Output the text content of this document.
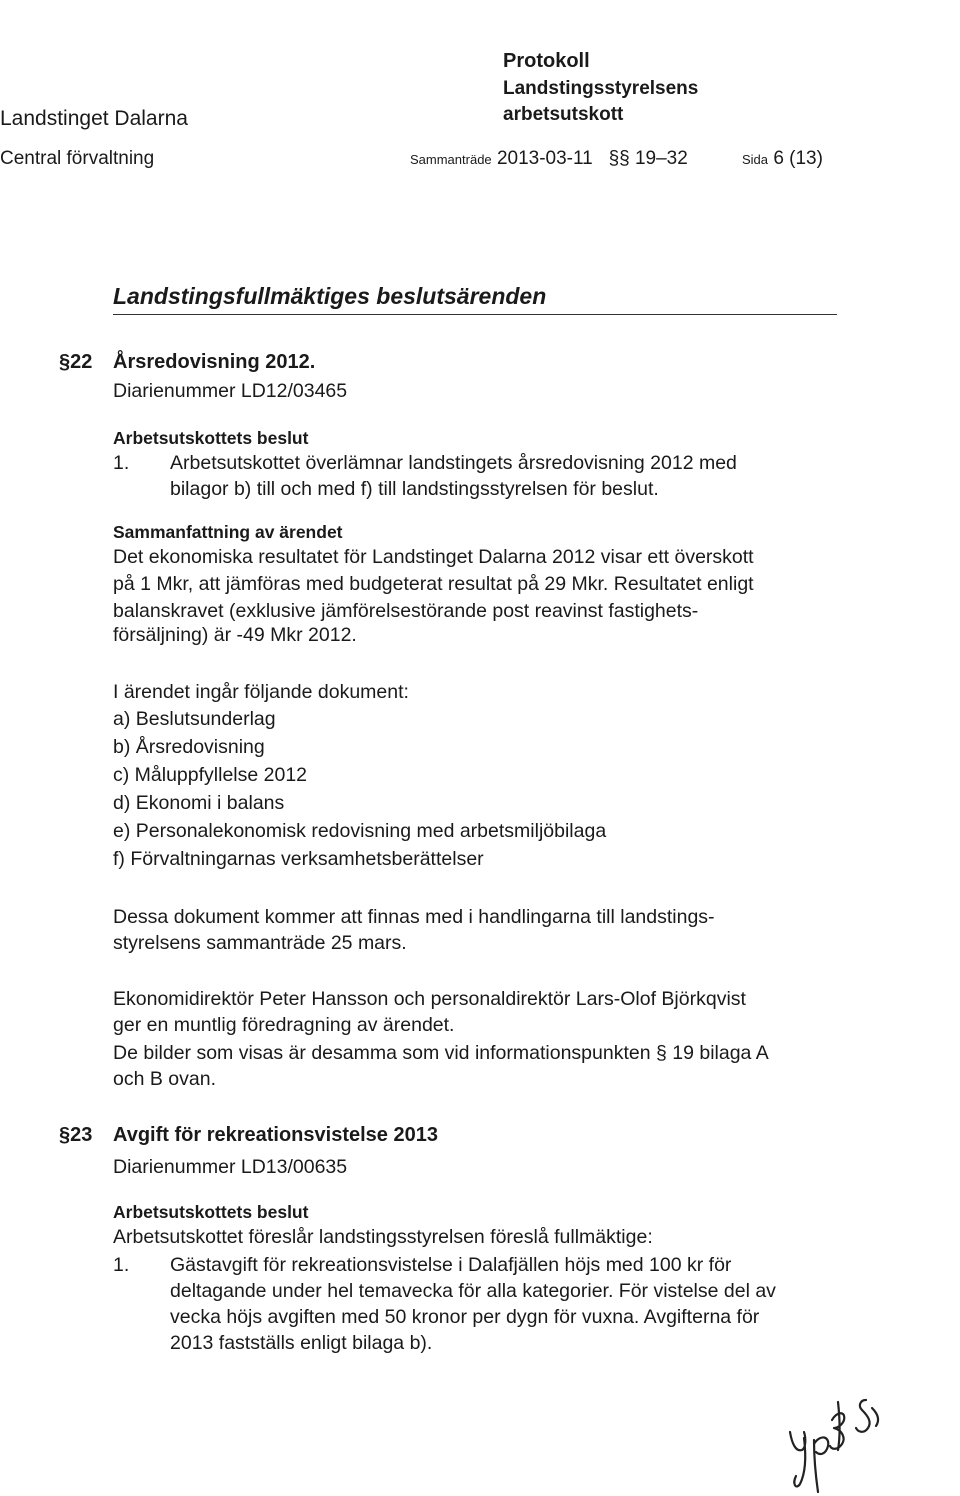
Landstinget Dalarna
Central förvaltning
Protokoll
Landstingsstyrelsens
arbetsutskott
Sammanträde 2013-03-11 §§ 19–32	Sida 6 (13)
Landstingsfullmäktiges beslutsärenden
§22 Årsredovisning 2012.
Diarienummer LD12/03465
Arbetsutskottets beslut
1. Arbetsutskottet överlämnar landstingets årsredovisning 2012 med
bilagor b) till och med f) till landstingsstyrelsen för beslut.
Sammanfattning av ärendet
Det ekonomiska resultatet för Landstinget Dalarna 2012 visar ett överskott
på 1 Mkr, att jämföras med budgeterat resultat på 29 Mkr. Resultatet enligt
balanskravet (exklusive jämförelsestörande post reavinst fastighets-
försäljning) är -49 Mkr 2012.
I ärendet ingår följande dokument:
a) Beslutsunderlag
b) Årsredovisning
c) Måluppfyllelse 2012
d) Ekonomi i balans
e) Personalekonomisk redovisning med arbetsmiljöbilaga
f) Förvaltningarnas verksamhetsberättelser
Dessa dokument kommer att finnas med i handlingarna till landstings-
styrelsens sammanträde 25 mars.
Ekonomidirektör Peter Hansson och personaldirektör Lars-Olof Björkqvist
ger en muntlig föredragning av ärendet.
De bilder som visas är desamma som vid informationspunkten § 19 bilaga A
och B ovan.
§23 Avgift för rekreationsvistelse 2013
Diarienummer LD13/00635
Arbetsutskottets beslut
Arbetsutskottet föreslår landstingsstyrelsen föreslå fullmäktige:
1. Gästavgift för rekreationsvistelse i Dalafjällen höjs med 100 kr för
deltagande under hel temavecka för alla kategorier. För vistelse del av
vecka höjs avgiften med 50 kronor per dygn för vuxna. Avgifterna för
2013 fastställs enligt bilaga b).
